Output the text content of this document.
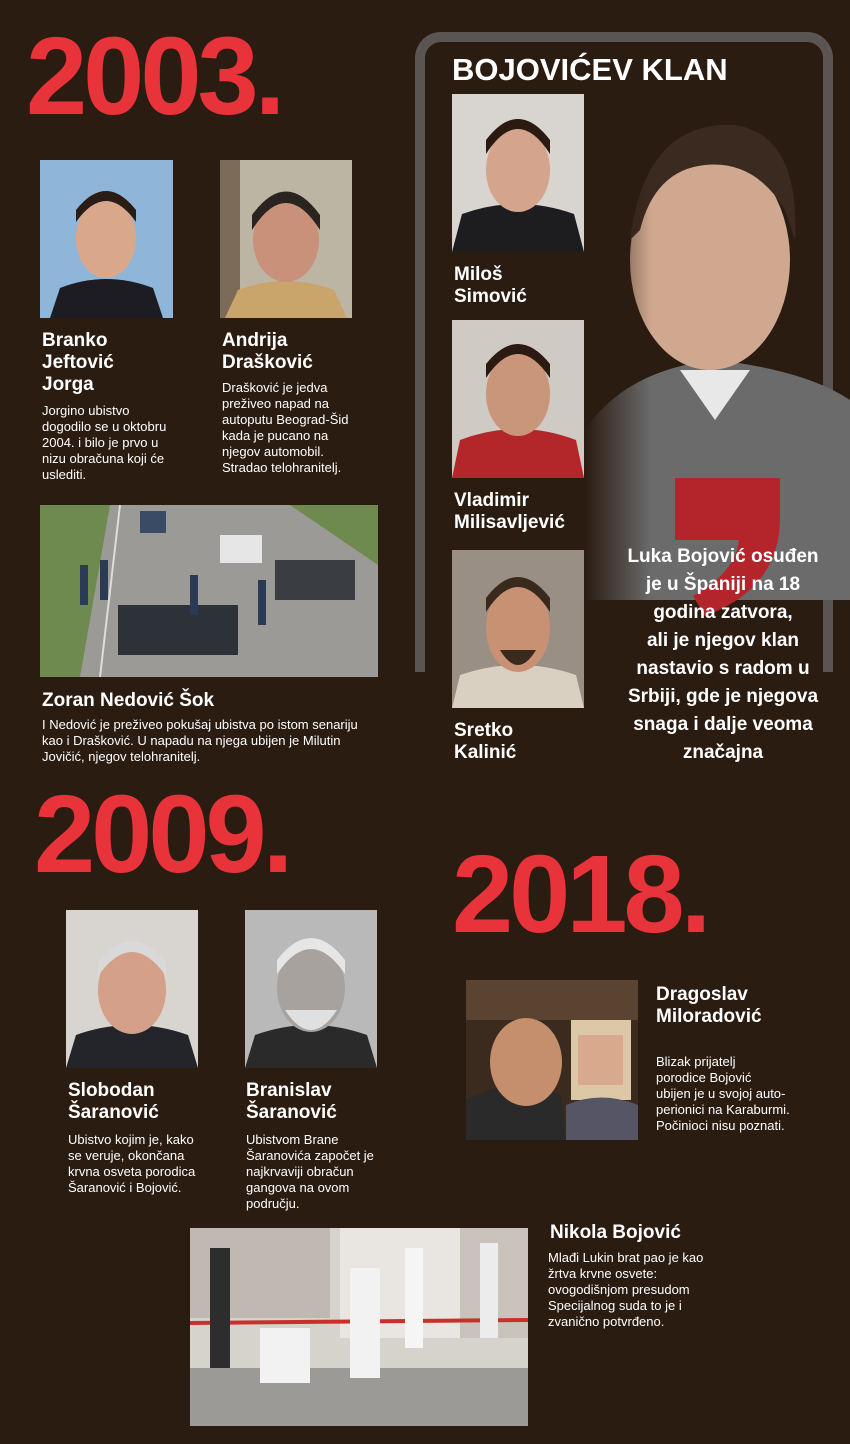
2003.
Branko
Jeftović
Jorga
Jorgino ubistvo
dogodilo se u oktobru
2004. i bilo je prvo u
nizu obračuna koji će
uslediti.
Andrija
Drašković
Drašković je jedva
preživeo napad na
autoputu Beograd-Šid
kada je pucano na
njegov automobil.
Stradao telohranitelj.
Zoran Nedović Šok
I Nedović je preživeo pokušaj ubistva po istom senariju
kao i Drašković. U napadu na njega ubijen je Milutin
Jovičić, njegov telohranitelj.
BOJOVIĆEV KLAN
Miloš
Simović
Vladimir
Milisavljević
Sretko
Kalinić
Luka Bojović osuđen
je u Španiji na 18
godina zatvora,
ali je njegov klan
nastavio s radom u
Srbiji, gde je njegova
snaga i dalje veoma
značajna
2009.
Slobodan
Šaranović
Ubistvo kojim je, kako
se veruje, okončana
krvna osveta porodica
Šaranović i Bojović.
Branislav
Šaranović
Ubistvom Brane
Šaranovića započet je
najkrvaviji obračun
gangova na ovom
području.
2018.
Dragoslav
Miloradović
Blizak prijatelj
porodice Bojović
ubijen je u svojoj auto-
perionici na Karaburmi.
Počinioci nisu poznati.
Nikola Bojović
Mlađi Lukin brat pao je kao
žrtva krvne osvete:
ovogodišnjom presudom
Specijalnog suda to je i
zvanično potvrđeno.
